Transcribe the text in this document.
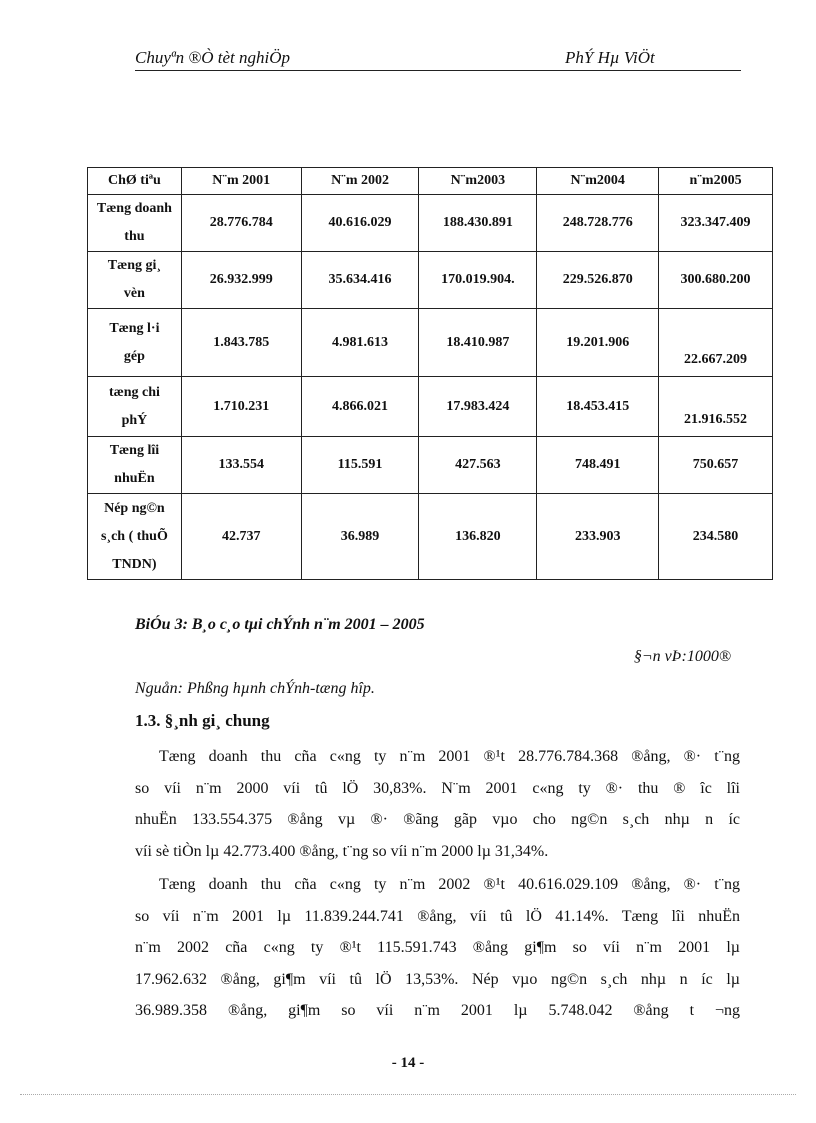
Chuyªn ®Ò tèt nghiÖp	PhÝ Hµ ViÖt
ChØ tiªu	N¨m 2001	N¨m 2002	N¨m2003	N¨m2004	n¨m2005
Tæng doanh
thu	28.776.784	40.616.029	188.430.891	248.728.776	323.347.409
Tæng gi¸
vèn	26.932.999	35.634.416	170.019.904.	229.526.870	300.680.200
Tæng l·i
gép	1.843.785	4.981.613	18.410.987	19.201.906	22.667.209
tæng chi
phÝ	1.710.231	4.866.021	17.983.424	18.453.415	21.916.552
Tæng lîi
nhuËn	133.554	115.591	427.563	748.491	750.657
Nép ng©n
s¸ch ( thuÕ
TNDN)	42.737	36.989	136.820	233.903	234.580
BiÓu 3: B¸o c¸o tµi chÝnh n¨m 2001 – 2005
§¬n vÞ:1000®
Nguån: Phßng hµnh chÝnh-tæng hîp.
1.3. §¸nh gi¸ chung
Tæng doanh thu cña c«ng ty n¨m 2001 ®¹t 28.776.784.368 ®ång, ®· t¨ng
so víi n¨m 2000 víi tû lÖ 30,83%. N¨m 2001 c«ng ty ®· thu ® îc lîi
nhuËn 133.554.375 ®ång vµ ®· ®ãng gãp vµo cho ng©n s¸ch nhµ n íc
víi sè tiÒn lµ 42.773.400 ®ång, t¨ng so víi n¨m 2000 lµ 31,34%.
Tæng doanh thu cña c«ng ty n¨m 2002 ®¹t 40.616.029.109 ®ång, ®· t¨ng
so víi n¨m 2001 lµ 11.839.244.741 ®ång, víi tû lÖ 41.14%. Tæng lîi nhuËn
n¨m 2002 cña c«ng ty ®¹t 115.591.743 ®ång gi¶m so víi n¨m 2001 lµ
17.962.632 ®ång, gi¶m víi tû lÖ 13,53%. Nép vµo ng©n s¸ch nhµ n íc lµ
36.989.358 ®ång, gi¶m so víi n¨m 2001 lµ 5.748.042 ®ång t ¬ng
- 14 -
